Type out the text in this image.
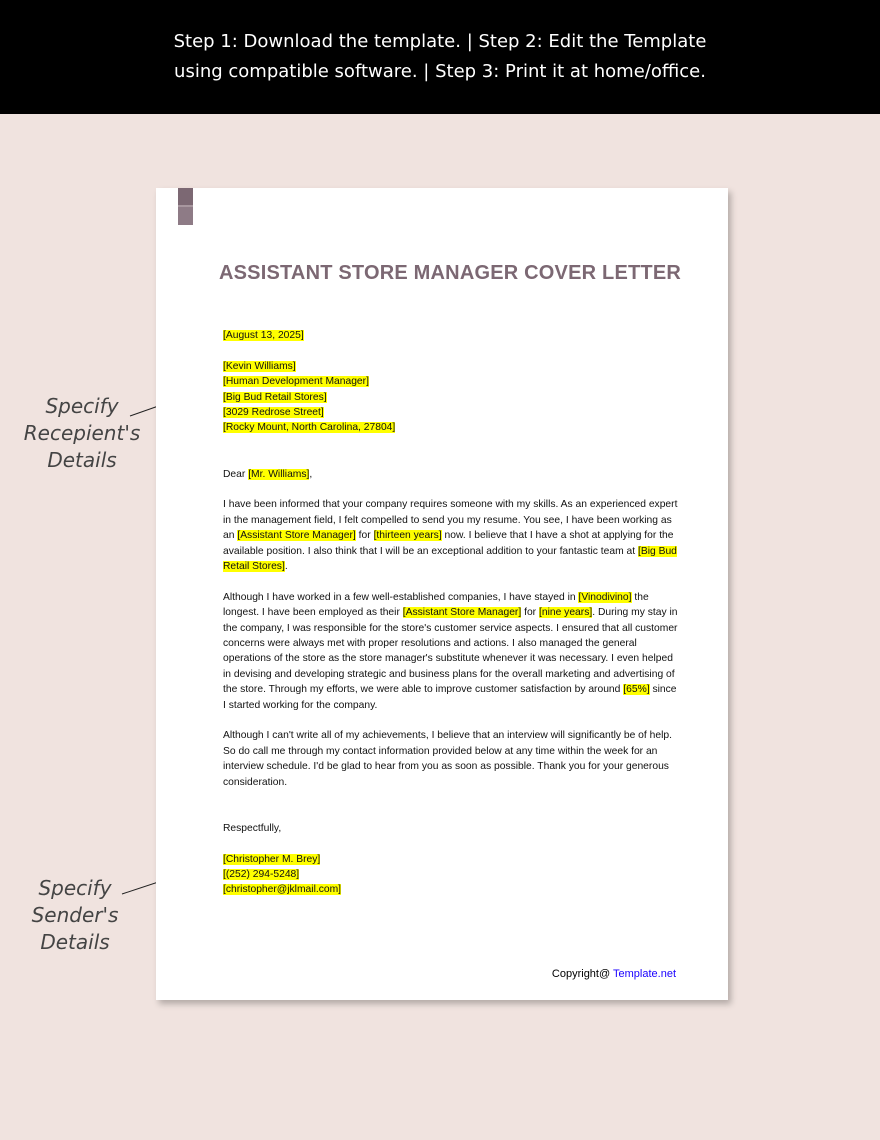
Step 1: Download the template. | Step 2: Edit the Template
using compatible software. | Step 3: Print it at home/office.
Specify
Recepient's
Details
Specify
Sender's
Details
ASSISTANT STORE MANAGER COVER LETTER
[August 13, 2025]
[Kevin Williams]
[Human Development Manager]
[Big Bud Retail Stores]
[3029 Redrose Street]
[Rocky Mount, North Carolina, 27804]
Dear [Mr. Williams],
I have been informed that your company requires someone with my skills. As an experienced expert
in the management field, I felt compelled to send you my resume. You see, I have been working as
an [Assistant Store Manager] for [thirteen years] now. I believe that I have a shot at applying for the
available position. I also think that I will be an exceptional addition to your fantastic team at [Big Bud
Retail Stores].
Although I have worked in a few well-established companies, I have stayed in [Vinodivino] the
longest. I have been employed as their [Assistant Store Manager] for [nine years]. During my stay in
the company, I was responsible for the store's customer service aspects. I ensured that all customer
concerns were always met with proper resolutions and actions. I also managed the general
operations of the store as the store manager's substitute whenever it was necessary. I even helped
in devising and developing strategic and business plans for the overall marketing and advertising of
the store. Through my efforts, we were able to improve customer satisfaction by around [65%] since
I started working for the company.
Although I can't write all of my achievements, I believe that an interview will significantly be of help.
So do call me through my contact information provided below at any time within the week for an
interview schedule. I'd be glad to hear from you as soon as possible. Thank you for your generous
consideration.
Respectfully,
[Christopher M. Brey]
[(252) 294-5248]
[christopher@jklmail.com]
Copyright@ Template.net
